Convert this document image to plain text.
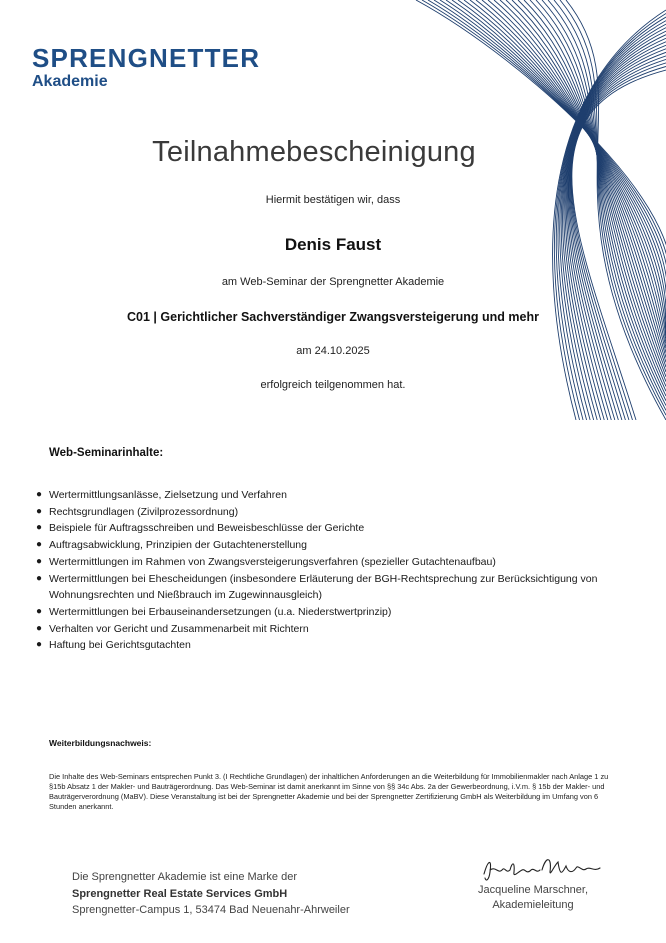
SPRENGNETTER
Akademie
Teilnahmebescheinigung
Hiermit bestätigen wir, dass
Denis Faust
am Web-Seminar der Sprengnetter Akademie
C01 | Gerichtlicher Sachverständiger Zwangsversteigerung und mehr
am 24.10.2025
erfolgreich teilgenommen hat.
Web-Seminarinhalte:
● Wertermittlungsanlässe, Zielsetzung und Verfahren
● Rechtsgrundlagen (Zivilprozessordnung)
● Beispiele für Auftragsschreiben und Beweisbeschlüsse der Gerichte
● Auftragsabwicklung, Prinzipien der Gutachtenerstellung
● Wertermittlungen im Rahmen von Zwangsversteigerungsverfahren (spezieller Gutachtenaufbau)
● Wertermittlungen bei Ehescheidungen (insbesondere Erläuterung der BGH-Rechtsprechung zur Berücksichtigung von Wohnungsrechten und Nießbrauch im Zugewinnausgleich)
● Wertermittlungen bei Erbauseinandersetzungen (u.a. Niederstwertprinzip)
● Verhalten vor Gericht und Zusammenarbeit mit Richtern
● Haftung bei Gerichtsgutachten
Weiterbildungsnachweis:
Die Inhalte des Web-Seminars entsprechen Punkt 3. (I Rechtliche Grundlagen) der inhaltlichen Anforderungen an die Weiterbildung für Immobilienmakler nach Anlage 1 zu §15b Absatz 1 der Makler- und Bauträgerordnung. Das Web-Seminar ist damit anerkannt im Sinne von §§ 34c Abs. 2a der Gewerbeordnung, i.V.m. § 15b der Makler- und Bauträgerverordnung (MaBV). Diese Veranstaltung ist bei der Sprengnetter Akademie und bei der Sprengnetter Zertifizierung GmbH als Weiterbildung im Umfang von 6 Stunden anerkannt.
Die Sprengnetter Akademie ist eine Marke der
Sprengnetter Real Estate Services GmbH
Sprengnetter-Campus 1, 53474 Bad Neuenahr-Ahrweiler
Jacqueline Marschner,
Akademieleitung
